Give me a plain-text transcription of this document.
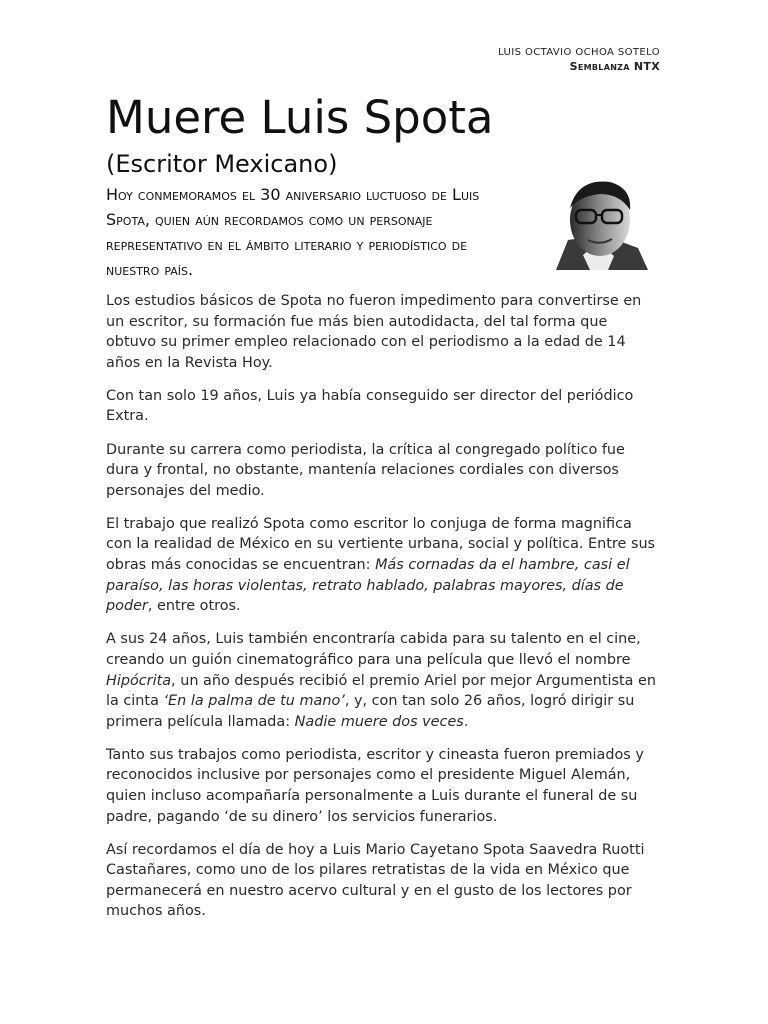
LUIS OCTAVIO OCHOA SOTELO
Semblanza NTX
Muere Luis Spota
(Escritor Mexicano)
Hoy conmemoramos el 30 aniversario luctuoso de Luis Spota, quien aún recordamos como un personaje representativo en el ámbito literario y periodístico de nuestro país.

Los estudios básicos de Spota no fueron impedimento para convertirse en un escritor, su formación fue más bien autodidacta, del tal forma que obtuvo su primer empleo relacionado con el periodismo a la edad de 14 años en la Revista Hoy.

Con tan solo 19 años, Luis ya había conseguido ser director del periódico Extra.

Durante su carrera como periodista, la crítica al congregado político fue dura y frontal, no obstante, mantenía relaciones cordiales con diversos personajes del medio.

El trabajo que realizó Spota como escritor lo conjuga de forma magnifica con la realidad de México en su vertiente urbana, social y política. Entre sus obras más conocidas se encuentran: Más cornadas da el hambre, casi el paraíso, las horas violentas, retrato hablado, palabras mayores, días de poder, entre otros.

A sus 24 años, Luis también encontraría cabida para su talento en el cine, creando un guión cinematográfico para una película que llevó el nombre Hipócrita, un año después recibió el premio Ariel por mejor Argumentista en la cinta ‘En la palma de tu mano’, y, con tan solo 26 años, logró dirigir su primera película llamada: Nadie muere dos veces.

Tanto sus trabajos como periodista, escritor y cineasta fueron premiados y reconocidos inclusive por personajes como el presidente Miguel Alemán, quien incluso acompañaría personalmente a Luis durante el funeral de su padre, pagando ‘de su dinero’ los servicios funerarios.

Así recordamos el día de hoy a Luis Mario Cayetano Spota Saavedra Ruotti Castañares, como uno de los pilares retratistas de la vida en México que permanecerá en nuestro acervo cultural y en el gusto de los lectores por muchos años.
